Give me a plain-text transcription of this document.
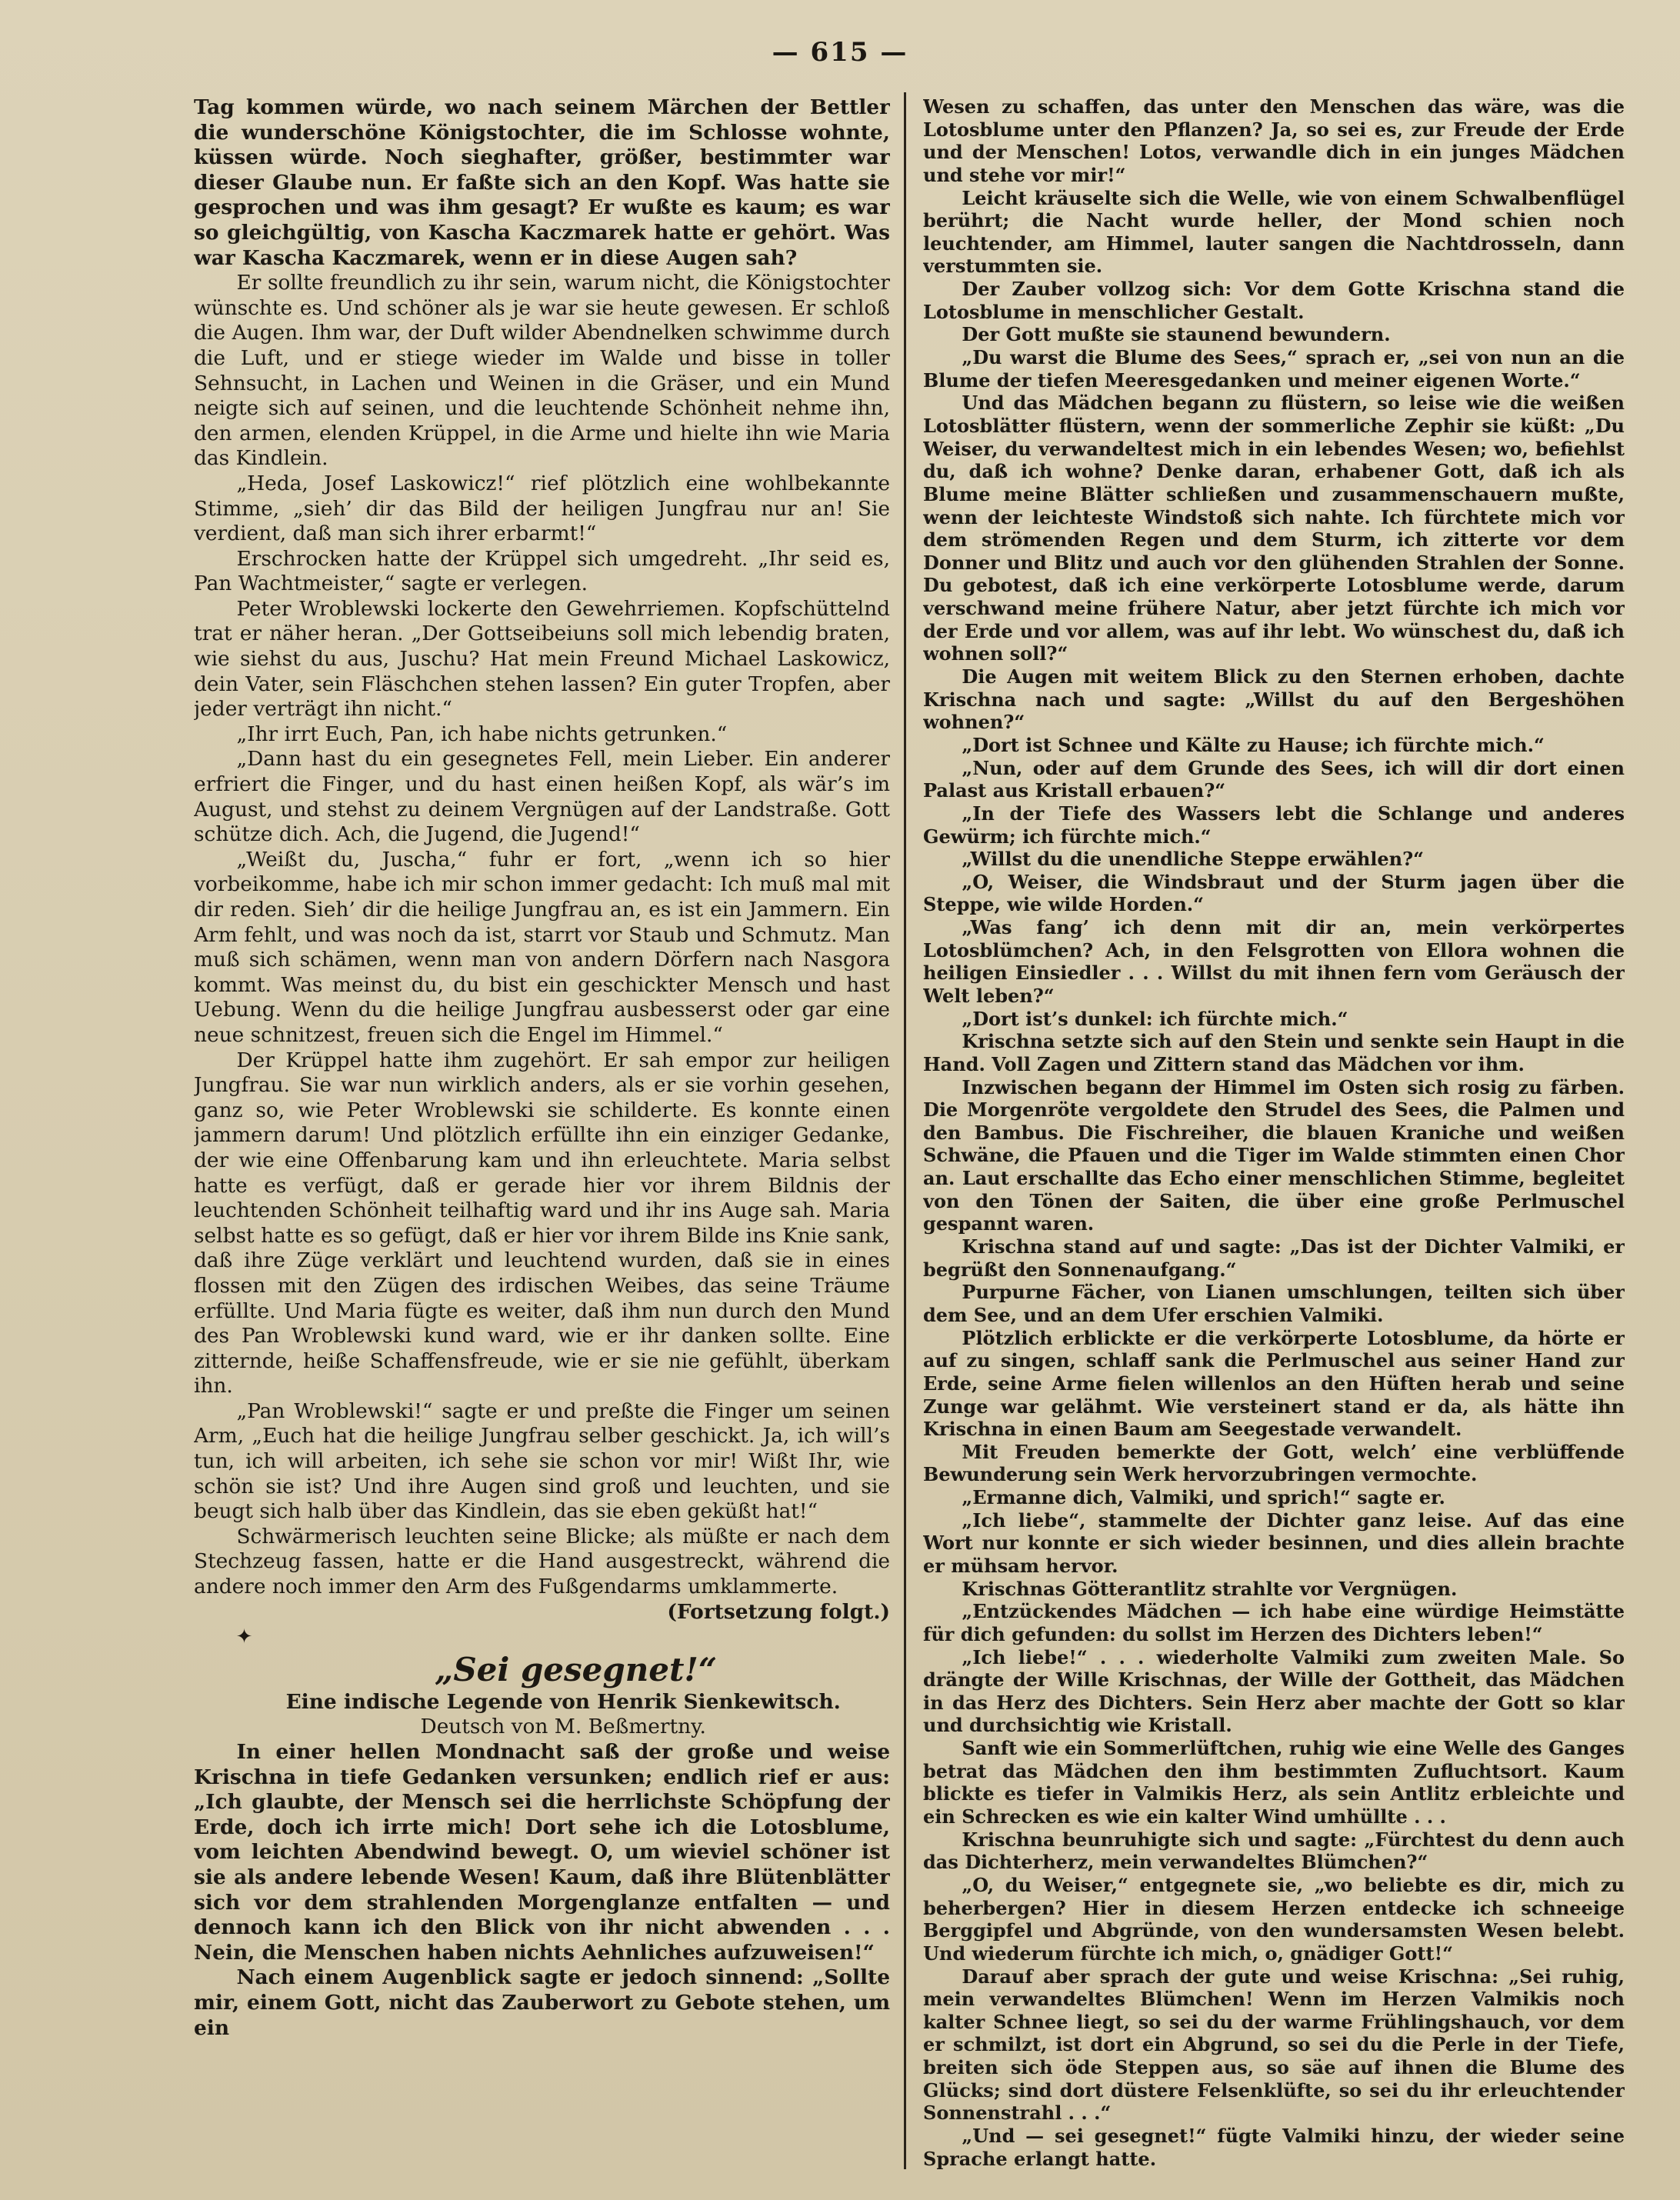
— 615 —

Tag kommen würde, wo nach seinem Märchen der Bettler die wunderschöne Königstochter, die im Schlosse wohnte, küssen würde. Noch sieghafter, größer, bestimmter war dieser Glaube nun. Er faßte sich an den Kopf. Was hatte sie gesprochen und was ihm gesagt? Er wußte es kaum; es war so gleichgültig, von Kascha Kaczmarek hatte er gehört. Was war Kascha Kaczmarek, wenn er in diese Augen sah?

Er sollte freundlich zu ihr sein, warum nicht, die Königstochter wünschte es. Und schöner als je war sie heute gewesen. Er schloß die Augen. Ihm war, der Duft wilder Abendnelken schwimme durch die Luft, und er stiege wieder im Walde und bisse in toller Sehnsucht, in Lachen und Weinen in die Gräser, und ein Mund neigte sich auf seinen, und die leuchtende Schönheit nehme ihn, den armen, elenden Krüppel, in die Arme und hielte ihn wie Maria das Kindlein.

„Heda, Josef Laskowicz!“ rief plötzlich eine wohlbekannte Stimme, „sieh’ dir das Bild der heiligen Jungfrau nur an! Sie verdient, daß man sich ihrer erbarmt!“

Erschrocken hatte der Krüppel sich umgedreht. „Ihr seid es, Pan Wachtmeister,“ sagte er verlegen.

Peter Wroblewski lockerte den Gewehrriemen. Kopfschüttelnd trat er näher heran. „Der Gottseibeiuns soll mich lebendig braten, wie siehst du aus, Juschu? Hat mein Freund Michael Laskowicz, dein Vater, sein Fläschchen stehen lassen? Ein guter Tropfen, aber jeder verträgt ihn nicht.“

„Ihr irrt Euch, Pan, ich habe nichts getrunken.“

„Dann hast du ein gesegnetes Fell, mein Lieber. Ein anderer erfriert die Finger, und du hast einen heißen Kopf, als wär’s im August, und stehst zu deinem Vergnügen auf der Landstraße. Gott schütze dich. Ach, die Jugend, die Jugend!“

„Weißt du, Juscha,“ fuhr er fort, „wenn ich so hier vorbeikomme, habe ich mir schon immer gedacht: Ich muß mal mit dir reden. Sieh’ dir die heilige Jungfrau an, es ist ein Jammern. Ein Arm fehlt, und was noch da ist, starrt vor Staub und Schmutz. Man muß sich schämen, wenn man von andern Dörfern nach Nasgora kommt. Was meinst du, du bist ein geschickter Mensch und hast Uebung. Wenn du die heilige Jungfrau ausbesserst oder gar eine neue schnitzest, freuen sich die Engel im Himmel.“

Der Krüppel hatte ihm zugehört. Er sah empor zur heiligen Jungfrau. Sie war nun wirklich anders, als er sie vorhin gesehen, ganz so, wie Peter Wroblewski sie schilderte. Es konnte einen jammern darum! Und plötzlich erfüllte ihn ein einziger Gedanke, der wie eine Offenbarung kam und ihn erleuchtete. Maria selbst hatte es verfügt, daß er gerade hier vor ihrem Bildnis der leuchtenden Schönheit teilhaftig ward und ihr ins Auge sah. Maria selbst hatte es so gefügt, daß er hier vor ihrem Bilde ins Knie sank, daß ihre Züge verklärt und leuchtend wurden, daß sie in eines flossen mit den Zügen des irdischen Weibes, das seine Träume erfüllte. Und Maria fügte es weiter, daß ihm nun durch den Mund des Pan Wroblewski kund ward, wie er ihr danken sollte. Eine zitternde, heiße Schaffensfreude, wie er sie nie gefühlt, überkam ihn.

„Pan Wroblewski!“ sagte er und preßte die Finger um seinen Arm, „Euch hat die heilige Jungfrau selber geschickt. Ja, ich will’s tun, ich will arbeiten, ich sehe sie schon vor mir! Wißt Ihr, wie schön sie ist? Und ihre Augen sind groß und leuchten, und sie beugt sich halb über das Kindlein, das sie eben geküßt hat!“

Schwärmerisch leuchten seine Blicke; als müßte er nach dem Stechzeug fassen, hatte er die Hand ausgestreckt, während die andere noch immer den Arm des Fußgendarms umklammerte.

(Fortsetzung folgt.)

✦

„Sei gesegnet!“

Eine indische Legende von Henrik Sienkewitsch.

Deutsch von M. Beßmertny.

In einer hellen Mondnacht saß der große und weise Krischna in tiefe Gedanken versunken; endlich rief er aus: „Ich glaubte, der Mensch sei die herrlichste Schöpfung der Erde, doch ich irrte mich! Dort sehe ich die Lotosblume, vom leichten Abendwind bewegt. O, um wieviel schöner ist sie als andere lebende Wesen! Kaum, daß ihre Blütenblätter sich vor dem strahlenden Morgenglanze entfalten — und dennoch kann ich den Blick von ihr nicht abwenden . . . Nein, die Menschen haben nichts Aehnliches aufzuweisen!“

Nach einem Augenblick sagte er jedoch sinnend: „Sollte mir, einem Gott, nicht das Zauberwort zu Gebote stehen, um ein

Wesen zu schaffen, das unter den Menschen das wäre, was die Lotosblume unter den Pflanzen? Ja, so sei es, zur Freude der Erde und der Menschen! Lotos, verwandle dich in ein junges Mädchen und stehe vor mir!“

Leicht kräuselte sich die Welle, wie von einem Schwalbenflügel berührt; die Nacht wurde heller, der Mond schien noch leuchtender, am Himmel, lauter sangen die Nachtdrosseln, dann verstummten sie.

Der Zauber vollzog sich: Vor dem Gotte Krischna stand die Lotosblume in menschlicher Gestalt.

Der Gott mußte sie staunend bewundern.

„Du warst die Blume des Sees,“ sprach er, „sei von nun an die Blume der tiefen Meeresgedanken und meiner eigenen Worte.“

Und das Mädchen begann zu flüstern, so leise wie die weißen Lotosblätter flüstern, wenn der sommerliche Zephir sie küßt: „Du Weiser, du verwandeltest mich in ein lebendes Wesen; wo, befiehlst du, daß ich wohne? Denke daran, erhabener Gott, daß ich als Blume meine Blätter schließen und zusammenschauern mußte, wenn der leichteste Windstoß sich nahte. Ich fürchtete mich vor dem strömenden Regen und dem Sturm, ich zitterte vor dem Donner und Blitz und auch vor den glühenden Strahlen der Sonne. Du gebotest, daß ich eine verkörperte Lotosblume werde, darum verschwand meine frühere Natur, aber jetzt fürchte ich mich vor der Erde und vor allem, was auf ihr lebt. Wo wünschest du, daß ich wohnen soll?“

Die Augen mit weitem Blick zu den Sternen erhoben, dachte Krischna nach und sagte: „Willst du auf den Bergeshöhen wohnen?“

„Dort ist Schnee und Kälte zu Hause; ich fürchte mich.“

„Nun, oder auf dem Grunde des Sees, ich will dir dort einen Palast aus Kristall erbauen?“

„In der Tiefe des Wassers lebt die Schlange und anderes Gewürm; ich fürchte mich.“

„Willst du die unendliche Steppe erwählen?“

„O, Weiser, die Windsbraut und der Sturm jagen über die Steppe, wie wilde Horden.“

„Was fang’ ich denn mit dir an, mein verkörpertes Lotosblümchen? Ach, in den Felsgrotten von Ellora wohnen die heiligen Einsiedler . . . Willst du mit ihnen fern vom Geräusch der Welt leben?“

„Dort ist’s dunkel: ich fürchte mich.“

Krischna setzte sich auf den Stein und senkte sein Haupt in die Hand. Voll Zagen und Zittern stand das Mädchen vor ihm.

Inzwischen begann der Himmel im Osten sich rosig zu färben. Die Morgenröte vergoldete den Strudel des Sees, die Palmen und den Bambus. Die Fischreiher, die blauen Kraniche und weißen Schwäne, die Pfauen und die Tiger im Walde stimmten einen Chor an. Laut erschallte das Echo einer menschlichen Stimme, begleitet von den Tönen der Saiten, die über eine große Perlmuschel gespannt waren.

Krischna stand auf und sagte: „Das ist der Dichter Valmiki, er begrüßt den Sonnenaufgang.“

Purpurne Fächer, von Lianen umschlungen, teilten sich über dem See, und an dem Ufer erschien Valmiki.

Plötzlich erblickte er die verkörperte Lotosblume, da hörte er auf zu singen, schlaff sank die Perlmuschel aus seiner Hand zur Erde, seine Arme fielen willenlos an den Hüften herab und seine Zunge war gelähmt. Wie versteinert stand er da, als hätte ihn Krischna in einen Baum am Seegestade verwandelt.

Mit Freuden bemerkte der Gott, welch’ eine verblüffende Bewunderung sein Werk hervorzubringen vermochte.

„Ermanne dich, Valmiki, und sprich!“ sagte er.

„Ich liebe“, stammelte der Dichter ganz leise. Auf das eine Wort nur konnte er sich wieder besinnen, und dies allein brachte er mühsam hervor.

Krischnas Götterantlitz strahlte vor Vergnügen.

„Entzückendes Mädchen — ich habe eine würdige Heimstätte für dich gefunden: du sollst im Herzen des Dichters leben!“

„Ich liebe!“ . . . wiederholte Valmiki zum zweiten Male. So drängte der Wille Krischnas, der Wille der Gottheit, das Mädchen in das Herz des Dichters. Sein Herz aber machte der Gott so klar und durchsichtig wie Kristall.

Sanft wie ein Sommerlüftchen, ruhig wie eine Welle des Ganges betrat das Mädchen den ihm bestimmten Zufluchtsort. Kaum blickte es tiefer in Valmikis Herz, als sein Antlitz erbleichte und ein Schrecken es wie ein kalter Wind umhüllte . . .

Krischna beunruhigte sich und sagte: „Fürchtest du denn auch das Dichterherz, mein verwandeltes Blümchen?“

„O, du Weiser,“ entgegnete sie, „wo beliebte es dir, mich zu beherbergen? Hier in diesem Herzen entdecke ich schneeige Berggipfel und Abgründe, von den wundersamsten Wesen belebt. Und wiederum fürchte ich mich, o, gnädiger Gott!“

Darauf aber sprach der gute und weise Krischna: „Sei ruhig, mein verwandeltes Blümchen! Wenn im Herzen Valmikis noch kalter Schnee liegt, so sei du der warme Frühlingshauch, vor dem er schmilzt, ist dort ein Abgrund, so sei du die Perle in der Tiefe, breiten sich öde Steppen aus, so säe auf ihnen die Blume des Glücks; sind dort düstere Felsenklüfte, so sei du ihr erleuchtender Sonnenstrahl . . .“

„Und — sei gesegnet!“ fügte Valmiki hinzu, der wieder seine Sprache erlangt hatte.
